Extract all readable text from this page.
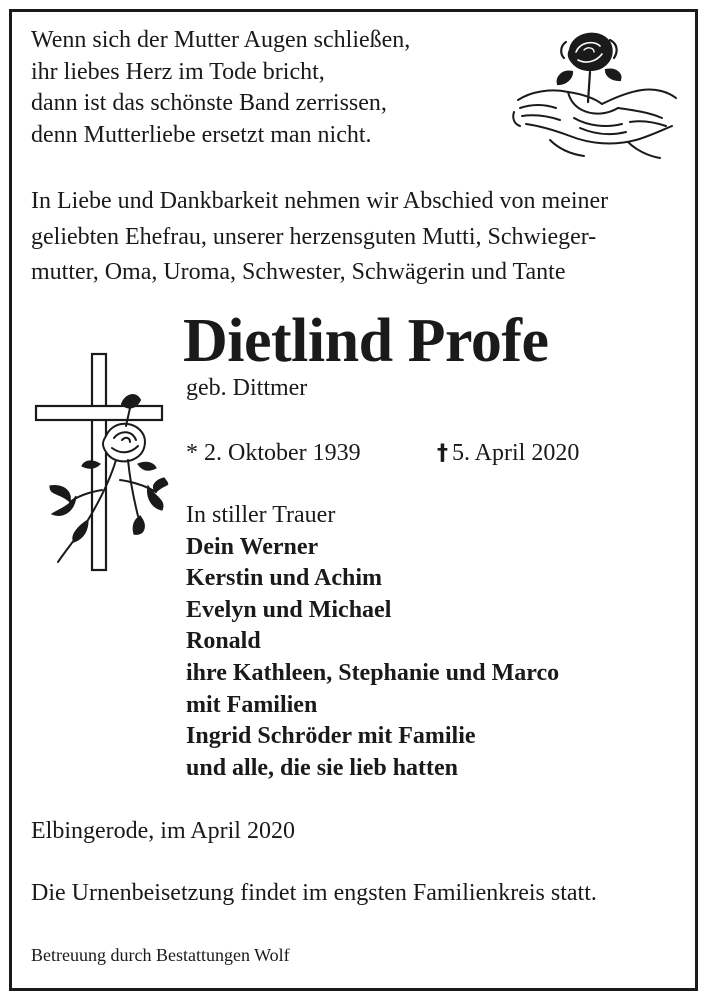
Wenn sich der Mutter Augen schließen,
ihr liebes Herz im Tode bricht,
dann ist das schönste Band zerrissen,
denn Mutterliebe ersetzt man nicht.
In Liebe und Dankbarkeit nehmen wir Abschied von meiner
geliebten Ehefrau, unserer herzensguten Mutti, Schwieger-
mutter, Oma, Uroma, Schwester, Schwägerin und Tante
Dietlind Profe
geb. Dittmer
* 2. Oktober 1939	† 5. April 2020
In stiller Trauer
Dein Werner
Kerstin und Achim
Evelyn und Michael
Ronald
ihre Kathleen, Stephanie und Marco
mit Familien
Ingrid Schröder mit Familie
und alle, die sie lieb hatten
Elbingerode, im April 2020
Die Urnenbeisetzung findet im engsten Familienkreis statt.
Betreuung durch Bestattungen Wolf
